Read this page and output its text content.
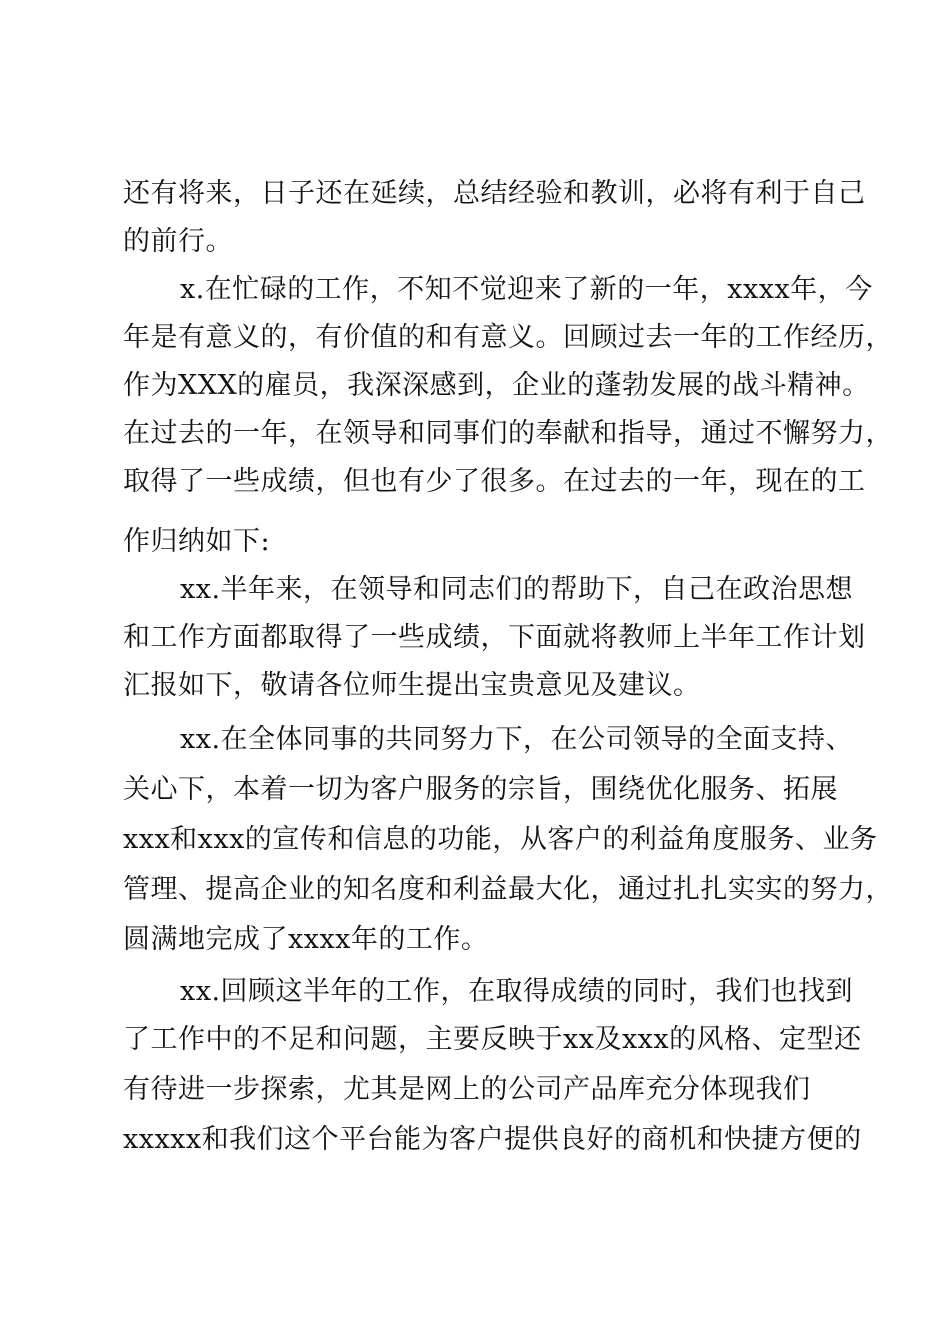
还有将来，日子还在延续，总结经验和教训，必将有利于自己
的前行。
x.在忙碌的工作，不知不觉迎来了新的一年，xxxx年，今
年是有意义的，有价值的和有意义。回顾过去一年的工作经历，
作为XXX的雇员，我深深感到，企业的蓬勃发展的战斗精神。
在过去的一年，在领导和同事们的奉献和指导，通过不懈努力，
取得了一些成绩，但也有少了很多。在过去的一年，现在的工
作归纳如下:
xx.半年来，在领导和同志们的帮助下，自己在政治思想
和工作方面都取得了一些成绩，下面就将教师上半年工作计划
汇报如下，敬请各位师生提出宝贵意见及建议。
xx.在全体同事的共同努力下，在公司领导的全面支持、
关心下，本着一切为客户服务的宗旨，围绕优化服务、拓展
xxx和xxx的宣传和信息的功能，从客户的利益角度服务、业务
管理、提高企业的知名度和利益最大化，通过扎扎实实的努力，
圆满地完成了xxxx年的工作。
xx.回顾这半年的工作，在取得成绩的同时，我们也找到
了工作中的不足和问题，主要反映于xx及xxx的风格、定型还
有待进一步探索，尤其是网上的公司产品库充分体现我们
xxxxx和我们这个平台能为客户提供良好的商机和快捷方便的
